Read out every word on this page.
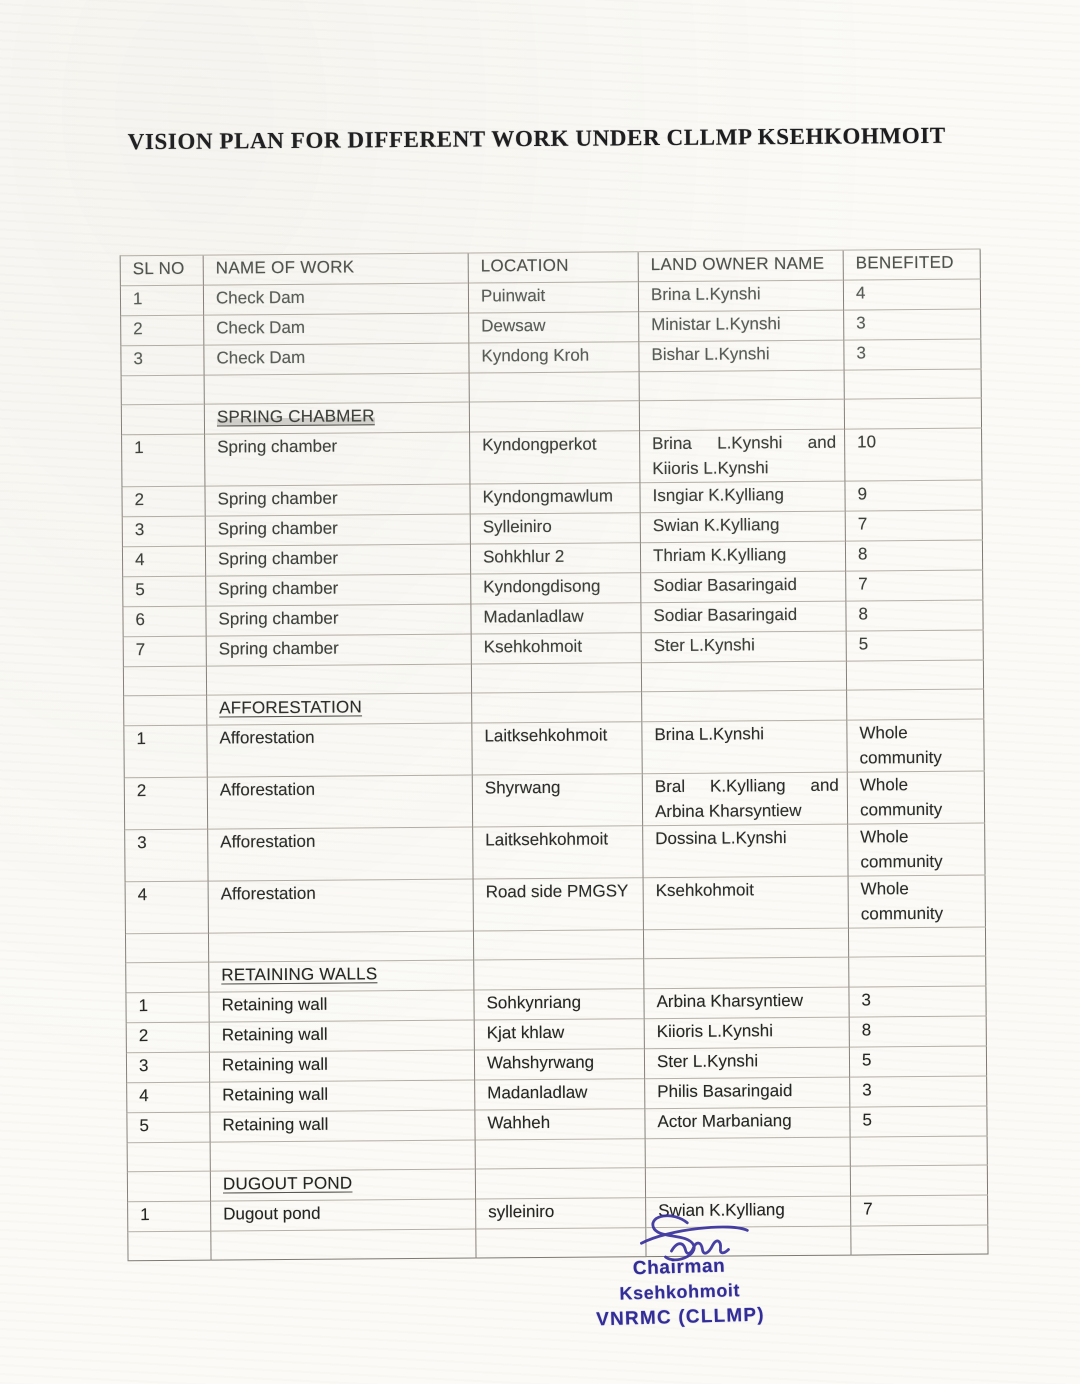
VISION PLAN FOR DIFFERENT WORK UNDER CLLMP KSEHKOHMOIT
SL NO	NAME OF WORK	LOCATION	LAND OWNER NAME	BENEFITED
1	Check Dam	Puinwait	Brina L.Kynshi	4
2	Check Dam	Dewsaw	Ministar L.Kynshi	3
3	Check Dam	Kyndong Kroh	Bishar L.Kynshi	3

	SPRING CHABMER			
1	Spring chamber	Kyndongperkot	Brina L.Kynshi and Kiioris L.Kynshi	10
2	Spring chamber	Kyndongmawlum	Isngiar K.Kylliang	9
3	Spring chamber	Sylleiniro	Swian K.Kylliang	7
4	Spring chamber	Sohkhlur 2	Thriam K.Kylliang	8
5	Spring chamber	Kyndongdisong	Sodiar Basaringaid	7
6	Spring chamber	Madanladlaw	Sodiar Basaringaid	8
7	Spring chamber	Ksehkohmoit	Ster L.Kynshi	5

	AFFORESTATION			
1	Afforestation	Laitksehkohmoit	Brina L.Kynshi	Whole community
2	Afforestation	Shyrwang	Bral K.Kylliang and Arbina Kharsyntiew	Whole community
3	Afforestation	Laitksehkohmoit	Dossina L.Kynshi	Whole community
4	Afforestation	Road side PMGSY	Ksehkohmoit	Whole community

	RETAINING WALLS			
1	Retaining wall	Sohkynriang	Arbina Kharsyntiew	3
2	Retaining wall	Kjat khlaw	Kiioris L.Kynshi	8
3	Retaining wall	Wahshyrwang	Ster L.Kynshi	5
4	Retaining wall	Madanladlaw	Philis Basaringaid	3
5	Retaining wall	Wahheh	Actor Marbaniang	5

	DUGOUT POND			
1	Dugout pond	sylleiniro	Swian K.Kylliang	7

Chairman
Ksehkohmoit
VNRMC (CLLMP)
